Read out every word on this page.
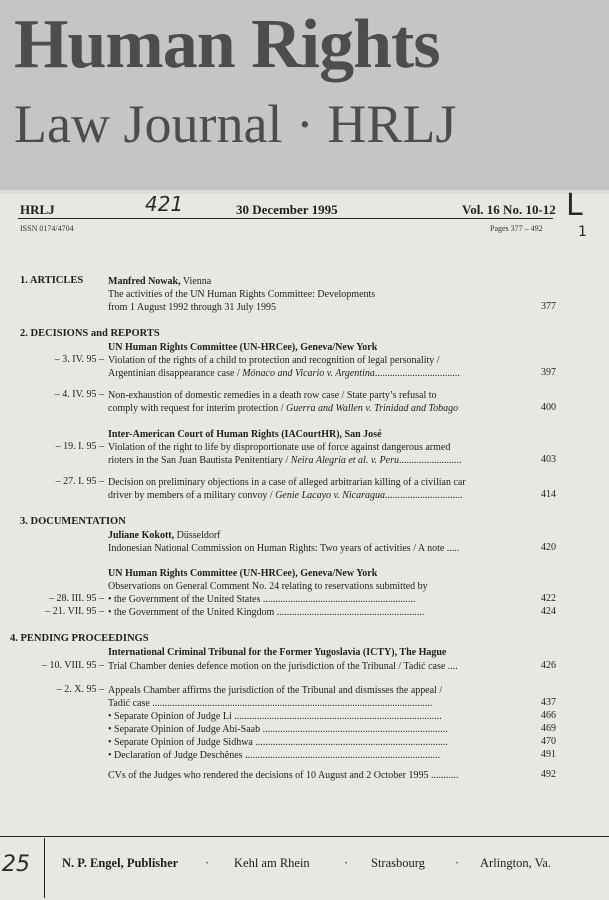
Human Rights
Law Journal · HRLJ
HRLJ	421	30 December 1995	Vol. 16 No. 10-12 L
1
ISSN 0174/4704	Pages 377 – 492
1. ARTICLES Manfred Nowak, Vienna
The activities of the UN Human Rights Committee: Developments
from 1 August 1992 through 31 July 1995	377
2. DECISIONS and REPORTS
UN Human Rights Committee (UN-HRCee), Geneva/New York
– 3. IV. 95 – Violation of the rights of a child to protection and recognition of legal personality /
Argentinian disappearance case / Mónaco and Vicario v. Argentina..................................	397
– 4. IV. 95 – Non-exhaustion of domestic remedies in a death row case / State party’s refusal to
comply with request for interim protection / Guerra and Wallen v. Trinidad and Tobago	400
Inter-American Court of Human Rights (IACourtHR), San José
– 19. I. 95 – Violation of the right to life by disproportionate use of force against dangerous armed
rioters in the San Juan Bautista Penitentiary / Neira Alegría et al. v. Peru.........................	403
– 27. I. 95 – Decision on preliminary objections in a case of alleged arbitrarian killing of a civilian car
driver by members of a military convoy / Genie Lacayo v. Nicaragua...............................	414
3. DOCUMENTATION
Juliane Kokott, Düsseldorf
Indonesian National Commission on Human Rights: Two years of activities / A note .....	420
UN Human Rights Committee (UN-HRCee), Geneva/New York
Observations on General Comment No. 24 relating to reservations submitted by
– 28. III. 95 – • the Government of the United States .............................................................	422
– 21. VII. 95 – • the Government of the United Kingdom ...........................................................	424
4. PENDING PROCEEDINGS
International Criminal Tribunal for the Former Yugoslavia (ICTY), The Hague
– 10. VIII. 95 – Trial Chamber denies defence motion on the jurisdiction of the Tribunal / Tadić case ....	426
– 2. X. 95 – Appeals Chamber affirms the jurisdiction of the Tribunal and dismisses the appeal /
Tadić case ................................................................................................................	437
• Separate Opinion of Judge Li ...................................................................................	466
• Separate Opinion of Judge Abi-Saab ..........................................................................	469
• Separate Opinion of Judge Sidhwa .............................................................................	470
• Declaration of Judge Deschênes ..............................................................................	491
CVs of the Judges who rendered the decisions of 10 August and 2 October 1995 ...........	492
25	N. P. Engel, Publisher · Kehl am Rhein	· Strasbourg · Arlington, Va.
